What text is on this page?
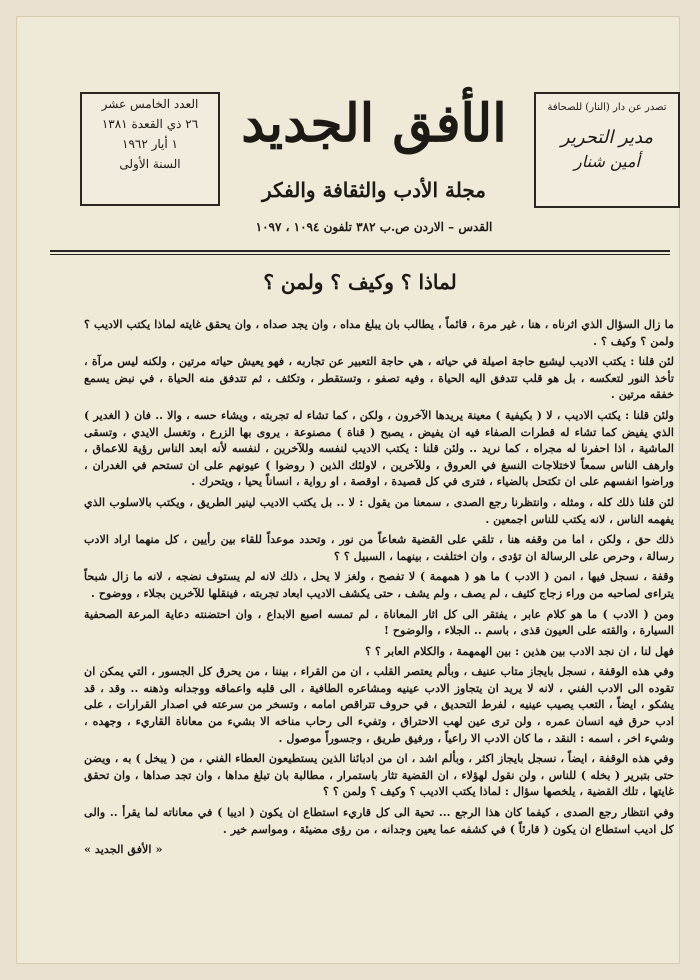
العدد الخامس عشر
٢٦ ذي القعدة ١٣٨١
١ أيار ١٩٦٢
السنة الأولى
الأفق الجديد
مجلة الأدب والثقافة والفكر
القدس – الاردن ص.ب ٣٨٢ تلفون ١٠٩٤ ، ١٠٩٧
تصدر عن دار (النار) للصحافة
مدير التحرير
أمين شنار
لماذا ؟ وكيف ؟ ولمن ؟

ما زال السؤال الذي اثرناه ، هنا ، غير مرة ، قائماً ، يطالب بان يبلغ مداه ، وان يجد صداه ، وان يحقق غايته لماذا يكتب الاديب ؟ ولمن ؟ وكيف ؟ .

لئن قلنا : يكتب الاديب ليشبع حاجة اصيلة في حياته ، هي حاجة التعبير عن تجاربه ، فهو يعيش حياته مرتين ، ولكنه ليس مرآة ، تأخذ النور لتعكسه ، بل هو قلب تتدفق اليه الحياة ، وفيه تصفو ، وتستقطر ، وتكثف ، ثم تتدفق منه الحياة ، في نبض يسمع خفقه مرتين .

ولئن قلنا : يكتب الاديب ، لا ( بكيفية ) معينة يريدها الآخرون ، ولكن ، كما تشاء له تجربته ، ويشاء حسه ، والا .. فان ( الغدير ) الذي يفيض كما تشاء له قطرات الصفاء فيه ان يفيض ، يصبح ( قناة ) مصنوعة ، يروى بها الزرع ، وتغسل الايدي ، وتسقى الماشية ، اذا احفرنا له مجراه ، كما نريد .. ولئن قلنا : يكتب الاديب لنفسه وللآخرين ، لنفسه لأنه ابعد الناس رؤية للاعماق ، وارهف الناس سمعاً لاختلاجات النسغ في العروق ، وللآخرين ، لاولئك الذين ( روضوا ) عيونهم على ان تستحم في الغدران ، وراضوا انفسهم على ان تكتحل بالضياء ، فترى في كل قصيدة ، اوقصة ، او رواية ، انساناً يحيا ، ويتحرك .

لئن قلنا ذلك كله ، ومثله ، وانتظرنا رجع الصدى ، سمعنا من يقول : لا .. بل يكتب الاديب لينير الطريق ، ويكتب بالاسلوب الذي يفهمه الناس ، لانه يكتب للناس اجمعين .

ذلك حق ، ولكن ، اما من وقفه هنا ، تلقي على القضية شعاعاً من نور ، وتحدد موعداً للقاء بين رأيين ، كل منهما اراد الادب رسالة ، وحرص على الرسالة ان تؤدى ، وان اختلفت ، بينهما ، السبيل ؟ ؟

وقفة ، نسجل فيها ، انمن ( الادب ) ما هو ( همهمة ) لا تفصح ، ولغز لا يحل ، ذلك لانه لم يستوف نضجه ، لانه ما زال شبحاً يتراءى لصاحبه من وراء زجاج كثيف ، لم يصف ، ولم يشف ، حتى يكشف الاديب ابعاد تجربته ، فينقلها للآخرين بجلاء ، ووضوح .

ومن ( الادب ) ما هو كلام عابر ، يفتقر الى كل اثار المعاناة ، لم تمسه اصبع الابداع ، وان احتضنته دعاية المرعة الصحفية السيارة ، والقته على العيون قذى ، باسم .. الجلاء ، والوضوح !

فهل لنا ، ان نجد الادب بين هذين : بين الهمهمة ، والكلام العابر ؟ ؟

وفي هذه الوقفة ، نسجل بايجاز متاب عنيف ، وبألم يعتصر القلب ، ان من القراء ، بيننا ، من يحرق كل الجسور ، التي يمكن ان تقوده الى الادب الفني ، لانه لا يريد ان يتجاوز الادب عينيه ومشاعره الطافية ، الى قلبه واعماقه ووجدانه وذهنه .. وقد ، قد يشكو ، ايضاً ، التعب يصيب عينيه ، لفرط التحديق ، في حروف تتراقص امامه ، وتسخر من سرعته في اصدار القرارات ، على ادب حرق فيه انسان عمره ، ولن ترى عين لهب الاحتراق ، وتفيء الى رحاب مناخه الا بشيء من معاناة القاريء ، وجهده ، وشيء اخر ، اسمه : النقد ، ما كان الادب الا راعياً ، ورفيق طريق ، وجسوراً موصول .

وفي هذه الوقفة ، ايضاً ، نسجل بايجاز اكثر ، وبألم اشد ، ان من ادبائنا الذين يستطيعون العطاء الفني ، من ( يبخل ) به ، ويضن حتى بتبرير ( بخله ) للناس ، ولن نقول لهؤلاء ، ان القضية تثار باستمرار ، مطالبة بان تبلغ مداها ، وان تجد صداها ، وان تحقق غايتها ، تلك القضية ، يلخصها سؤال : لماذا يكتب الاديب ؟ وكيف ؟ ولمن ؟ ؟

وفي انتظار رجع الصدى ، كيفما كان هذا الرجع ... تحية الى كل قاريء استطاع ان يكون ( اديبا ) في معاناته لما يقرأ .. والى كل اديب استطاع ان يكون ( قارئاً ) في كشفه عما يعين وجدانه ، من رؤى مضيئة ، ومواسم خير .

« الأفق الجديد »
